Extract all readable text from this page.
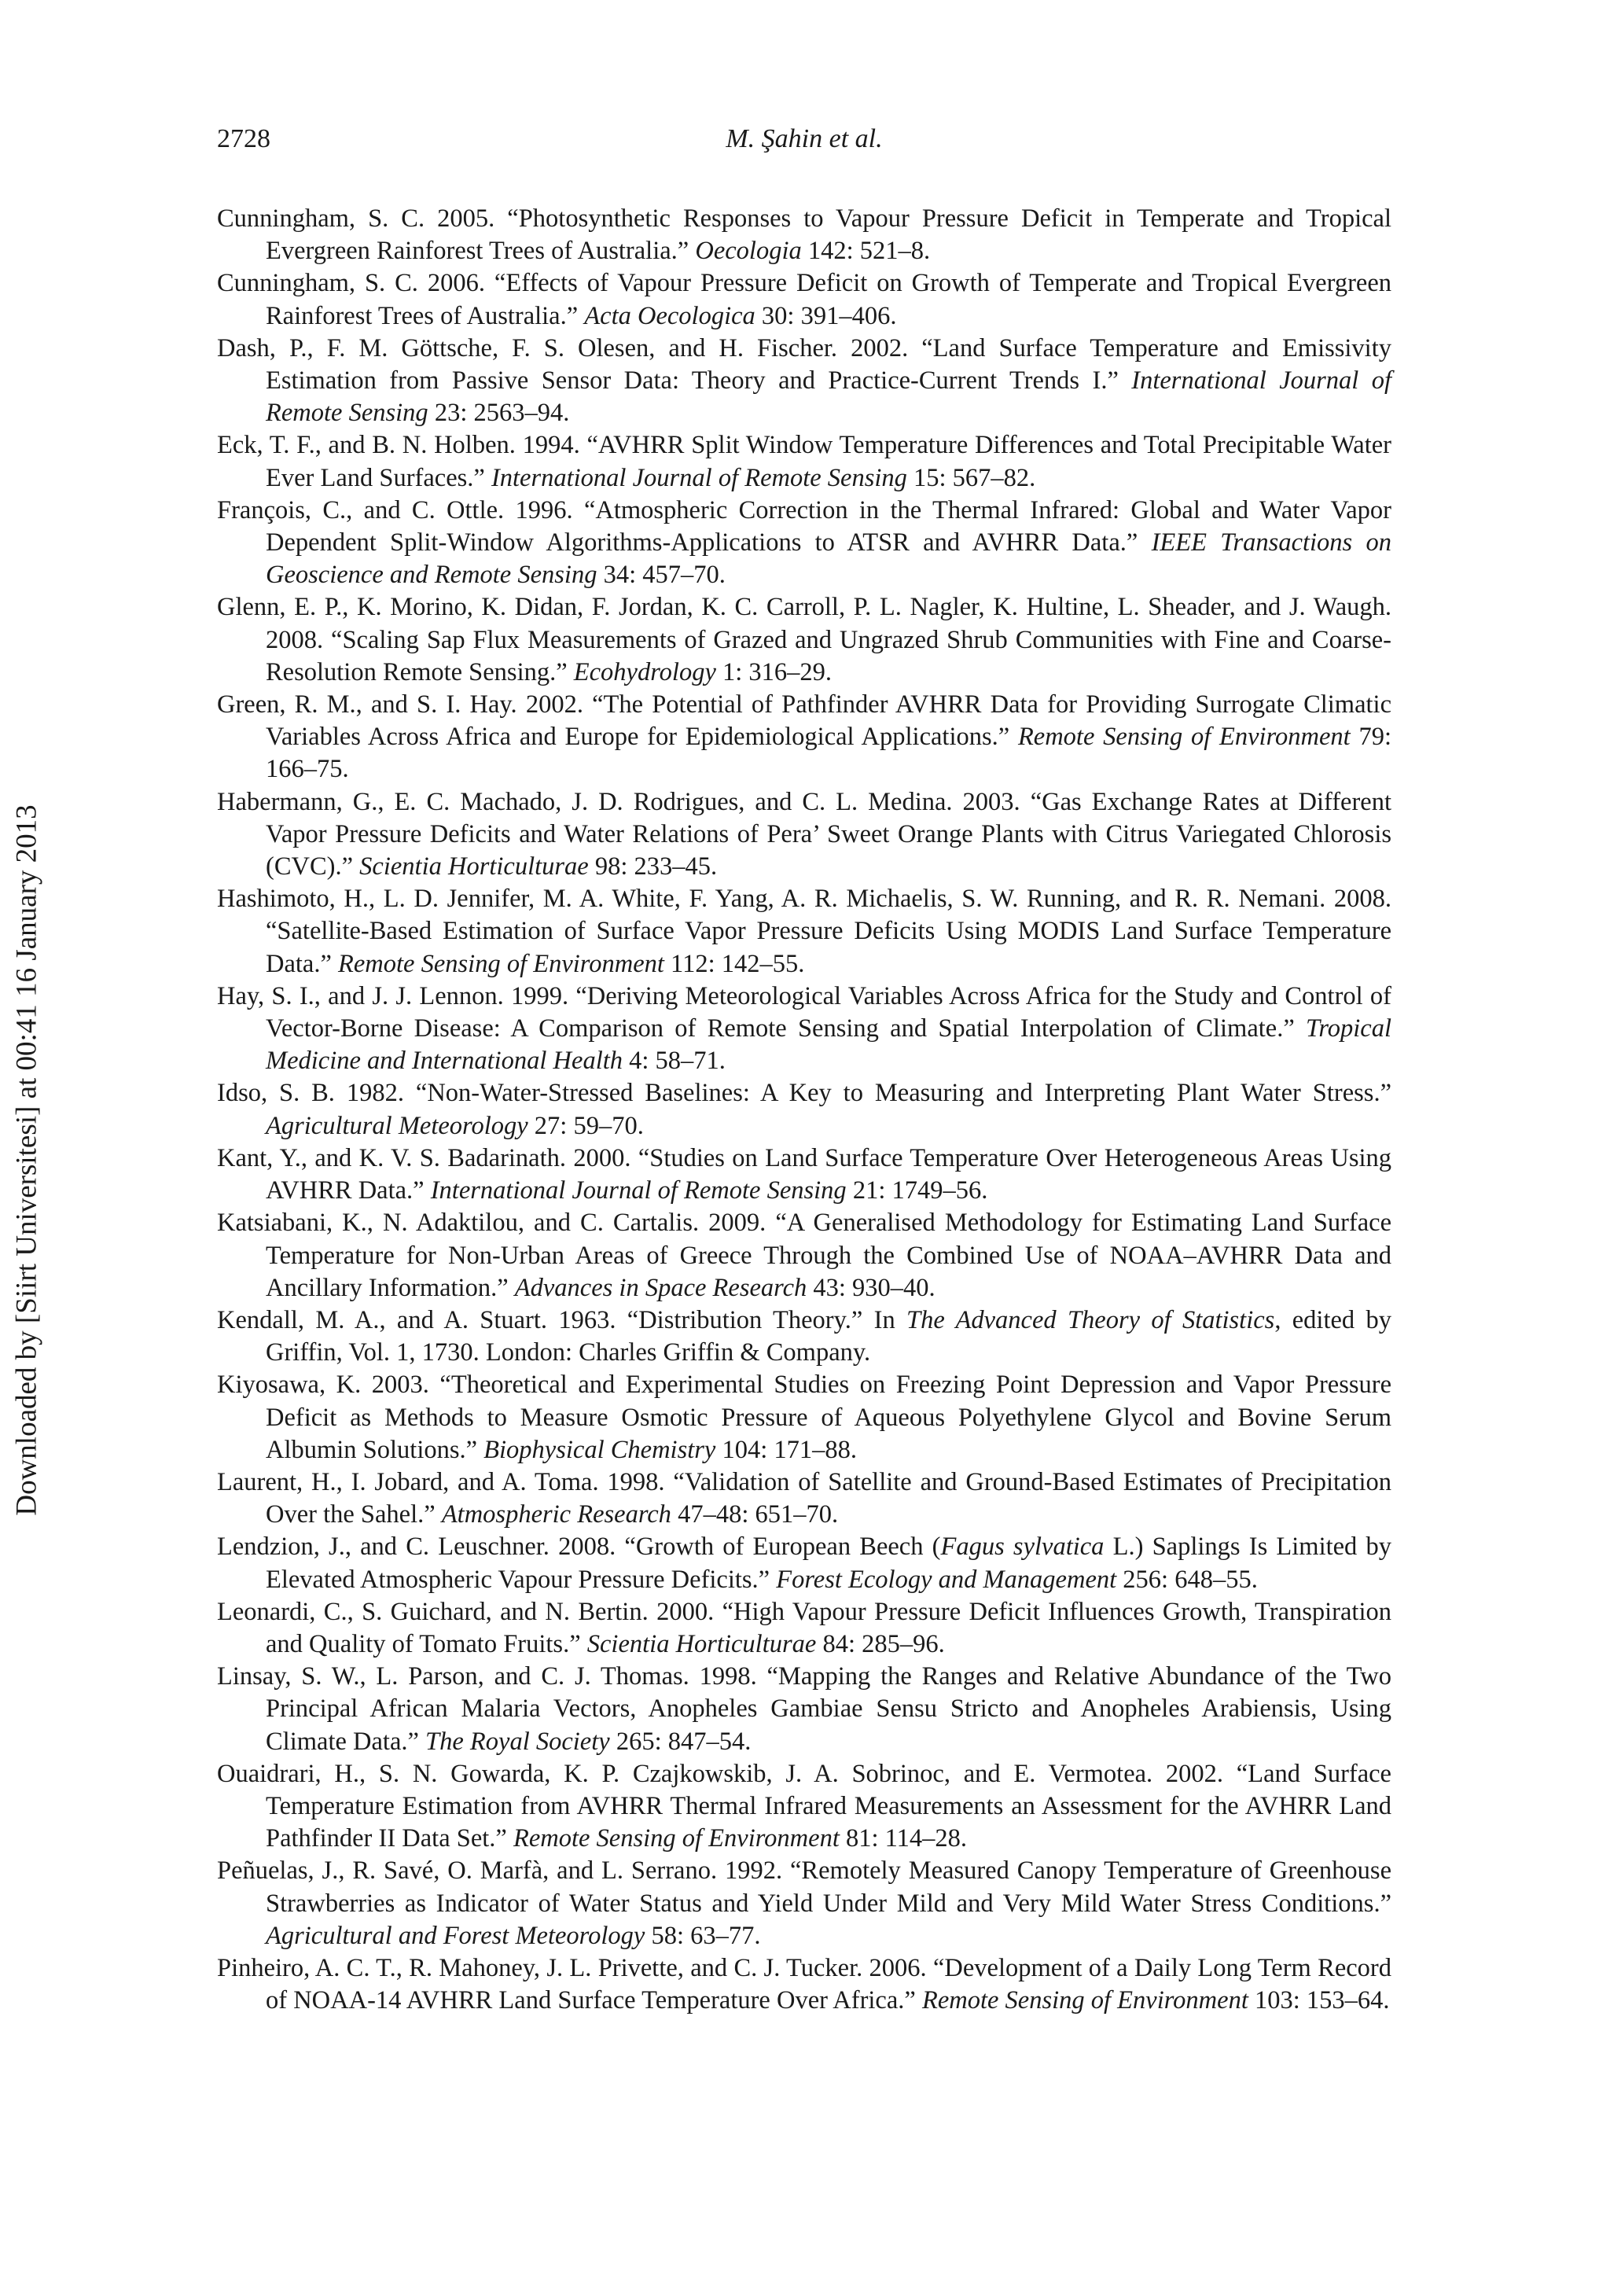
2728	M. Şahin et al.
Downloaded by [Siirt Universitesi] at 00:41 16 January 2013

Cunningham, S. C. 2005. “Photosynthetic Responses to Vapour Pressure Deficit in Temperate and Tropical Evergreen Rainforest Trees of Australia.” Oecologia 142: 521–8.

Cunningham, S. C. 2006. “Effects of Vapour Pressure Deficit on Growth of Temperate and Tropical Evergreen Rainforest Trees of Australia.” Acta Oecologica 30: 391–406.

Dash, P., F. M. Göttsche, F. S. Olesen, and H. Fischer. 2002. “Land Surface Temperature and Emissivity Estimation from Passive Sensor Data: Theory and Practice-Current Trends I.” International Journal of Remote Sensing 23: 2563–94.

Eck, T. F., and B. N. Holben. 1994. “AVHRR Split Window Temperature Differences and Total Precipitable Water Ever Land Surfaces.” International Journal of Remote Sensing 15: 567–82.

François, C., and C. Ottle. 1996. “Atmospheric Correction in the Thermal Infrared: Global and Water Vapor Dependent Split-Window Algorithms-Applications to ATSR and AVHRR Data.” IEEE Transactions on Geoscience and Remote Sensing 34: 457–70.

Glenn, E. P., K. Morino, K. Didan, F. Jordan, K. C. Carroll, P. L. Nagler, K. Hultine, L. Sheader, and J. Waugh. 2008. “Scaling Sap Flux Measurements of Grazed and Ungrazed Shrub Communities with Fine and Coarse-Resolution Remote Sensing.” Ecohydrology 1: 316–29.

Green, R. M., and S. I. Hay. 2002. “The Potential of Pathfinder AVHRR Data for Providing Surrogate Climatic Variables Across Africa and Europe for Epidemiological Applications.” Remote Sensing of Environment 79: 166–75.

Habermann, G., E. C. Machado, J. D. Rodrigues, and C. L. Medina. 2003. “Gas Exchange Rates at Different Vapor Pressure Deficits and Water Relations of Pera’ Sweet Orange Plants with Citrus Variegated Chlorosis (CVC).” Scientia Horticulturae 98: 233–45.

Hashimoto, H., L. D. Jennifer, M. A. White, F. Yang, A. R. Michaelis, S. W. Running, and R. R. Nemani. 2008. “Satellite-Based Estimation of Surface Vapor Pressure Deficits Using MODIS Land Surface Temperature Data.” Remote Sensing of Environment 112: 142–55.

Hay, S. I., and J. J. Lennon. 1999. “Deriving Meteorological Variables Across Africa for the Study and Control of Vector-Borne Disease: A Comparison of Remote Sensing and Spatial Interpolation of Climate.” Tropical Medicine and International Health 4: 58–71.

Idso, S. B. 1982. “Non-Water-Stressed Baselines: A Key to Measuring and Interpreting Plant Water Stress.” Agricultural Meteorology 27: 59–70.

Kant, Y., and K. V. S. Badarinath. 2000. “Studies on Land Surface Temperature Over Heterogeneous Areas Using AVHRR Data.” International Journal of Remote Sensing 21: 1749–56.

Katsiabani, K., N. Adaktilou, and C. Cartalis. 2009. “A Generalised Methodology for Estimating Land Surface Temperature for Non-Urban Areas of Greece Through the Combined Use of NOAA–AVHRR Data and Ancillary Information.” Advances in Space Research 43: 930–40.

Kendall, M. A., and A. Stuart. 1963. “Distribution Theory.” In The Advanced Theory of Statistics, edited by Griffin, Vol. 1, 1730. London: Charles Griffin & Company.

Kiyosawa, K. 2003. “Theoretical and Experimental Studies on Freezing Point Depression and Vapor Pressure Deficit as Methods to Measure Osmotic Pressure of Aqueous Polyethylene Glycol and Bovine Serum Albumin Solutions.” Biophysical Chemistry 104: 171–88.

Laurent, H., I. Jobard, and A. Toma. 1998. “Validation of Satellite and Ground-Based Estimates of Precipitation Over the Sahel.” Atmospheric Research 47–48: 651–70.

Lendzion, J., and C. Leuschner. 2008. “Growth of European Beech (Fagus sylvatica L.) Saplings Is Limited by Elevated Atmospheric Vapour Pressure Deficits.” Forest Ecology and Management 256: 648–55.

Leonardi, C., S. Guichard, and N. Bertin. 2000. “High Vapour Pressure Deficit Influences Growth, Transpiration and Quality of Tomato Fruits.” Scientia Horticulturae 84: 285–96.

Linsay, S. W., L. Parson, and C. J. Thomas. 1998. “Mapping the Ranges and Relative Abundance of the Two Principal African Malaria Vectors, Anopheles Gambiae Sensu Stricto and Anopheles Arabiensis, Using Climate Data.” The Royal Society 265: 847–54.

Ouaidrari, H., S. N. Gowarda, K. P. Czajkowskib, J. A. Sobrinoc, and E. Vermotea. 2002. “Land Surface Temperature Estimation from AVHRR Thermal Infrared Measurements an Assessment for the AVHRR Land Pathfinder II Data Set.” Remote Sensing of Environment 81: 114–28.

Peñuelas, J., R. Savé, O. Marfà, and L. Serrano. 1992. “Remotely Measured Canopy Temperature of Greenhouse Strawberries as Indicator of Water Status and Yield Under Mild and Very Mild Water Stress Conditions.” Agricultural and Forest Meteorology 58: 63–77.

Pinheiro, A. C. T., R. Mahoney, J. L. Privette, and C. J. Tucker. 2006. “Development of a Daily Long Term Record of NOAA-14 AVHRR Land Surface Temperature Over Africa.” Remote Sensing of Environment 103: 153–64.
